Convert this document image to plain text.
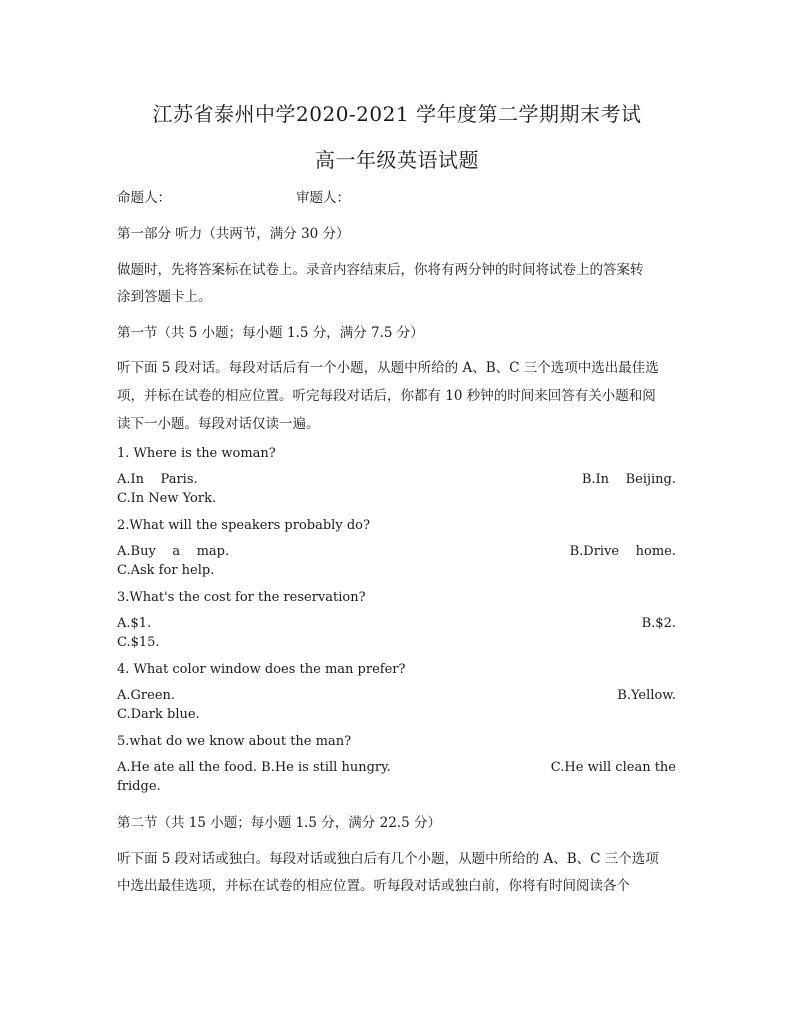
江苏省泰州中学2020-2021 学年度第二学期期末考试
高一年级英语试题
命题人：	审题人：
第一部分 听力（共两节，满分 30 分）
做题时，先将答案标在试卷上。录音内容结束后，你将有两分钟的时间将试卷上的答案转
涂到答题卡上。
第一节（共 5 小题；每小题 1.5 分，满分 7.5 分）
听下面 5 段对话。每段对话后有一个小题，从题中所给的 A、B、C 三个选项中选出最佳选
项，并标在试卷的相应位置。听完每段对话后，你都有 10 秒钟的时间来回答有关小题和阅
读下一小题。每段对话仅读一遍。
1. Where is the woman?
A.In    Paris.	B.In    Beijing.
C.In New York.
2.What will the speakers probably do?
A.Buy    a    map.	B.Drive    home.
C.Ask for help.
3.What's the cost for the reservation?
A.$1.	B.$2.
C.$15.
4. What color window does the man prefer?
A.Green.	B.Yellow.
C.Dark blue.
5.what do we know about the man?
A.He ate all the food. B.He is still hungry.	C.He will clean the
fridge.
第二节（共 15 小题；每小题 1.5 分，满分 22.5 分）
听下面 5 段对话或独白。每段对话或独白后有几个小题，从题中所给的 A、B、C 三个选项
中选出最佳选项，并标在试卷的相应位置。听每段对话或独白前，你将有时间阅读各个
